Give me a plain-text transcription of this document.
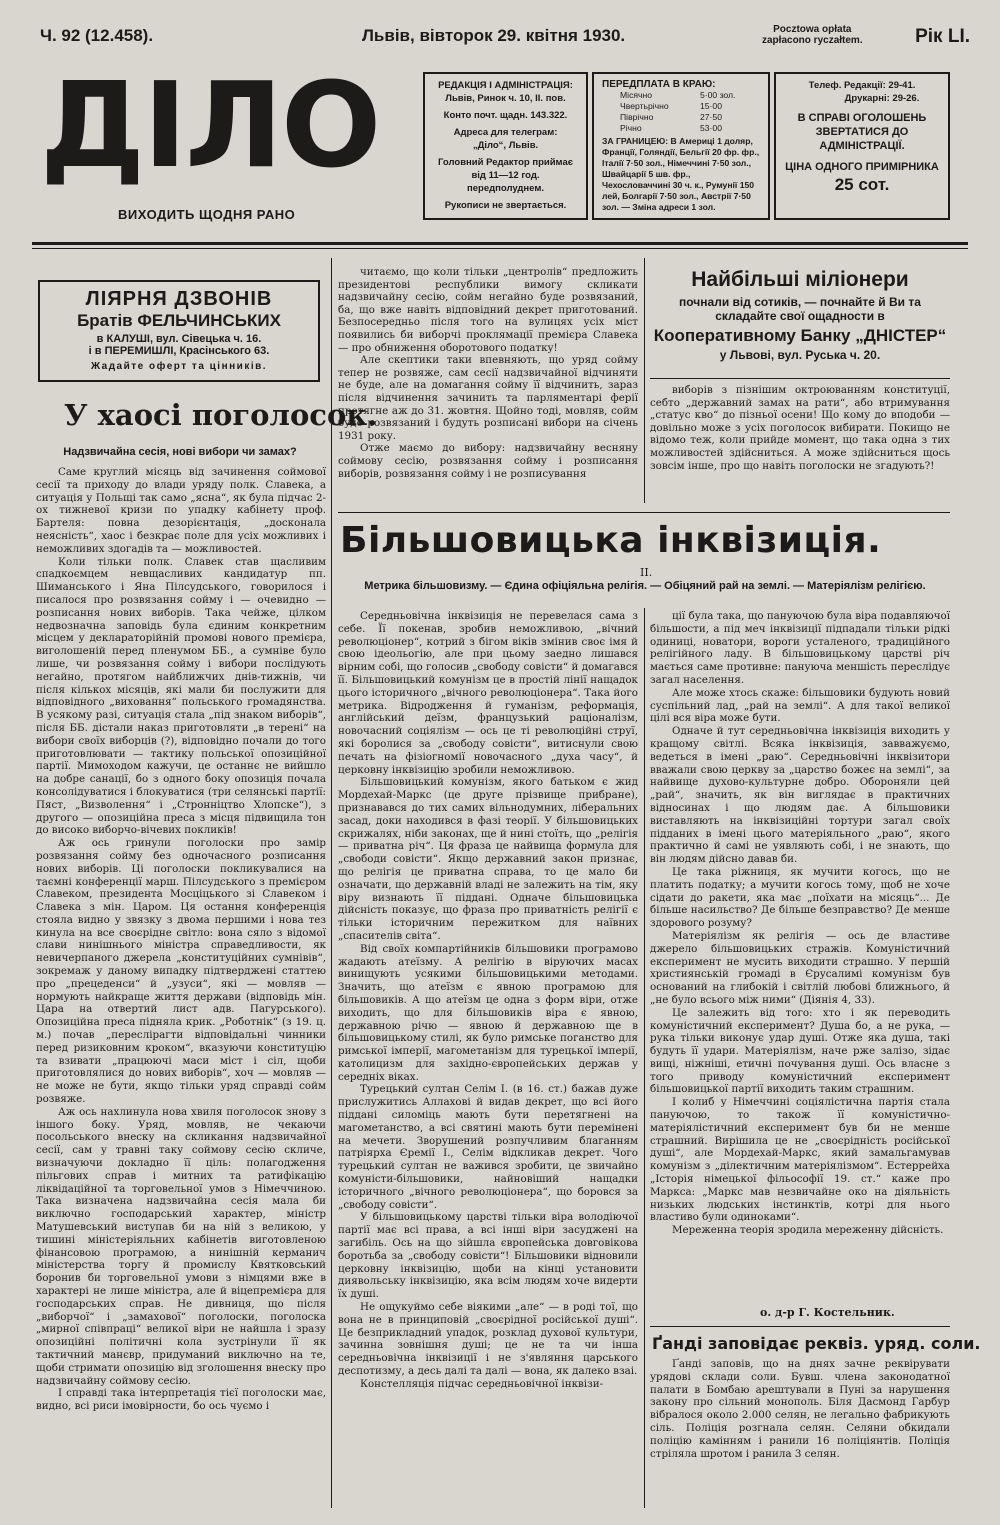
Ч. 92 (12.458).	Львів, вівторок 29. квітня 1930.	Pocztowa opłata
zapłacono ryczałtem.	Рік LI.
ДІЛО
ВИХОДИТЬ ЩОДНЯ РАНО
РЕДАКЦІЯ І АДМІНІСТРАЦІЯ:
Львів, Ринок ч. 10, II. пов.
Конто почт. щадн. 143.322.
Адреса для телеграм:
„Діло“, Львів.
Головний Редактор приймає від 11—12 год. передполуднем.
Рукописи не звертається.
ПЕРЕДПЛАТА В КРАЮ:
Місячно	5·00 зол.
Чвертьрічно	15·00
Піврічно	27·50
Річно	53·00
ЗА ГРАНИЦЕЮ: В Америці 1 доляр, Франції, Голяндії, Бельгії 20 фр. фр., Італії 7·50 зол., Німеччині 7·50 зол., Швайцарії 5 шв. фр., Чехословаччині 30 ч. к., Румунії 150 лей, Болгарії 7·50 зол., Австрії 7·50 зол. — Зміна адреси 1 зол.
Телеф. Редакції: 29-41.
Друкарні: 29-26.
В СПРАВІ ОГОЛОШЕНЬ ЗВЕРТАТИСЯ ДО АДМІНІСТРАЦІЇ.
ЦІНА ОДНОГО ПРИМІРНИКА
25 сот.
ЛІЯРНЯ ДЗВОНІВ
Братів ФЕЛЬЧИНСЬКИХ
в КАЛУШІ, вул. Сівецька ч. 16.
і в ПЕРЕМИШЛІ, Красінського 63.
Жадайте оферт та цінників.
У хаосі поголосок.
Надзвичайна сесія, нові вибори чи замах?

Саме круглий місяць від зачинення соймової сесії та приходу до влади уряду полк. Славека, а ситуація у Польщі так само „ясна“, як була підчас 2-ох тижневої кризи по упадку кабінету проф. Бартеля: повна дезорієнтація, „досконала неясність“, хаос і безкрає поле для усіх можливих і неможливих здогадів та — можливостей.

Коли тільки полк. Славек став щасливим спадкоємцем невщасливих кандидатур пп. Шиманського і Яна Пілсудського, говорилося і писалося про розвязання сойму і — очевидно — розписання нових виборів. Така чейже, цілком недвозначна заповідь була єдиним конкретним місцем у деклараторійній промові нового премієра, виголошеній перед пленумом ББ., а сумніве було лише, чи розвязання сойму і вибори послідують негайно, протягом найближчих днів-тижнів, чи після кількох місяців, які мали би послужити для відповідного „виховання“ польського громадянства. В усякому разі, ситуація стала „під знаком виборів“, після ББ. дістали наказ приготовляти „в терені“ на вибори своїх виборців (?), відповідно почали до того приготовлювати — тактику польської опозиційної партії. Мимоходом кажучи, це останнє не вийшло на добре санації, бо з одного боку опозиція почала консолідуватися і блокуватися (три селянські партії: Пяст, „Визволення“ і „Стронніцтво Хлопске“), з другого — опозиційна преса з місця підвищила тон до високо виборчо-вічевих покликів!

Аж ось гринули поголоски про замір розвязання сойму без одночасного розписання нових виборів. Ці поголоски покликувалися на таємні конференції марш. Пілсудського з премієром Славеком, президента Мосціцького зі Славеком і Славека з мін. Царом. Ця остання конференція стояла видно у звязку з двома першими і нова тез кинула на все своєрідне світло: вона сяло з відомої слави нинішнього міністра справедливости, як невичерпаного джерела „конституційних сумнівів“, зокремаж у даному випадку підтверджені статтею про „прецеденси“ й „узуси“, які — мовляв — нормують найкраще життя держави (відповідь мін. Цара на отвертий лист адв. Пагурського). Опозиційна преса підняла крик. „Роботнік“ (з 19. ц. м.) почав „переслірагти відповідальні чинники перед ризиковним кроком“, вказуючи конституцію та взивати „працюючі маси міст і сіл, щоби приготовлялися до нових виборів“, хоч — мовляв — не може не бути, якщо тільки уряд справді сойм розвяже.

Аж ось нахлинула нова хвиля поголосок знову з іншого боку. Уряд, мовляв, не чекаючи посольського внеску на скликання надзвичайної сесії, сам у травні таку соймову сесію скличе, визначуючи докладно її ціль: полагодження пільгових справ і митних та ратифікацію ліквідаційної та торговельної умов з Німеччиною. Така визначена надзвичайна сесія мала би виключно господарський характер, міністр Матушевський виступав би на ній з великою, у тишині міністеріяльних кабінетів виготовленою фінансовою програмою, а нинішній керманич міністерства торгу й промислу Квятковський боронив би торговельної умови з німцями вже в характері не лише міністра, але й віцепремієра для господарських справ. Не дивниця, що після „виборчої“ і „замахової“ поголоски, поголоска „мирної співпраці“ великої віри не найшла і зразу опозиційні політичні кола зустрінули її як тактичний манєвр, придуманий виключно на те, щоби стримати опозицію від зголошення внеску про надзвичайну соймову сесію.

І справді така інтерпретація тієї поголоски має, видно, всі риси імовірности, бо ось чуємо і

читаємо, що коли тільки „центролів“ предложить президентові республики вимогу скликати надзвичайну сесію, сойм негайно буде розвязаний, ба, що вже навіть відповідний декрет приготований. Безпосередньо після того на вулицях усіх міст появились би виборчі проклямації премієра Славека — про обниження оборотового податку!

Але скептики таки впевняють, що уряд сойму тепер не розвяже, сам сесії надзвичайної відчиняти не буде, але на домагання сойму її відчинить, зараз після відчинення зачинить та парляментарі ферії протягне аж до 31. жовтня. Щойно тоді, мовляв, сойм буде розвязаний і будуть розписані вибори на січень 1931 року.

Отже маємо до вибору: надзвичайну весняну соймову сесію, розвязання сойму і розписання виборів, розвязання сойму і не розписування

Найбільші міліонери
почнали від сотиків, — почнайте й Ви та
складайте свої ощадности в
Кооперативному Банку „ДНІСТЕР“
у Львові, вул. Руська ч. 20.

виборів з пізнішим октроюванням конституції, себто „державний замах на рати“, або втримування „статус кво“ до пізньої осени! Що кому до вподоби — довільно може з усіх поголосок вибирати. Покищо не відомо теж, коли прийде момент, що така одна з тих можливостей здійсниться. А може здійсниться щось зовсім інше, про що навіть поголоски не згадують?!

Більшовицька інквізиція.
II.
Метрика більшовизму. — Єдина офіціяльна релігія. — Обіцяний рай на землі. — Матеріялізм релігією.

Середньовічна інквізиція не перевелася сама з себе. Її покенав, зробив неможливою, „вічний революціонер“, котрий з бігом віків змінив своє імя й свою ідеольогію, але при цьому заедно лишався вірним собі, що голосив „свободу совісти“ й домагався її. Більшовицький комунізм це в простій лінії нащадок цього історичного „вічного революціонера“. Така його метрика. Відродження й гуманізм, реформація, англійський деїзм, французький раціоналізм, новочасний соціялізм — ось це ті революційні струї, які боролися за „свободу совісти“, витиснули свою печать на фізіогномії новочасного „духа часу“, й церковну інквізицію зробили неможливою.

Більшовицький комунізм, якого батьком є жид Мордехай-Маркс (це друге прізвище прибране), признавався до тих самих вільнодумних, ліберальних засад, доки находився в фазі теорії. У більшовицьких скрижалях, ніби законах, ще й нині стоїть, що „релігія — приватна річ“. Ця фраза це найвища формула для „свободи совісти“. Якщо державний закон признає, що релігія це приватна справа, то це мало би означати, що державній владі не залежить на тім, яку віру визнають її піддані. Одначе більшовицька дійсність показує, що фраза про приватність релігії є тільки історичним пережитком для наївних „спасителів світа“.

Від своїх компартійників більшовики програмово жадають атеїзму. А релігію в віруючих масах винищують усякими більшовицькими методами. Значить, що атеїзм є явною програмою для більшовиків. А що атеїзм це одна з форм віри, отже виходить, що для більшовиків віра є явною, державною річю — явною й державною ще в більшовицькому стилі, як було римське поганство для римської імперії, магометанізм для турецької імперії, католицизм для західно-європейських держав у середніх віках.

Турецький султан Селім І. (в 16. ст.) бажав дуже прислужитись Аллахові й видав декрет, що всі його піддані силоміць мають бути перетягнені на магометанство, а всі святині мають бути перемінені на мечети. Зворушений розпучливим благанням патріярха Єремії І., Селім відкликав декрет. Чого турецький султан не важився зробити, це звичайно комуністи-більшовики, найновіший нащадки історичного „вічного революціонера“, що боровся за „свободу совісти“.

У більшовицькому царстві тільки віра володіючої партії має всі права, а всі інші віри засуджені на загибіль. Ось на що зійшла європейська довговікова боротьба за „свободу совісти“! Більшовики відновили церковну інквізицію, щоби на кінці установити диявольську інквізицію, яка всім людям хоче видерти їх душі.

Не ощукуймо себе віякими „але“ — в роді тої, що вона не в принциповій „своєрідної російської душі“. Це безприкладний упадок, розклад духової культури, зачинна зовнішня душі; це не та чи інша середньовічна інквізиції і не з'являння царського деспотизму, а десь далі та далі — вона, як далеко взаі.

Констелляція підчас середньовічної інквізи-

ції була така, що пануючою була віра подавляючої більшости, а під меч інквізиції підпадали тільки рідкі одиниці, новатори, вороги усталеного, традиційного релігійного ладу. В більшовицькому царстві річ мається саме противне: пануюча меншість переслідує загал населення.

Але може хтось скаже: більшовики будують новий суспільний лад, „рай на землі“. А для такої великої цілі вся віра може бути.

Одначе й тут середньовічна інквізиція виходить у кращому світлі. Всяка інквізиція, завважуємо, ведеться в імені „раю“. Середньовічні інквізитори вважали свою церкву за „царство божеє на землі“, за найвище духово-культурне добро. Обороняли цей „рай“, значить, як він виглядає в практичних відносинах і що людям дає. А більшовики виставляють на інквізиційні тортури загал своїх підданих в імені цього матеріяльного „раю“, якого практично й самі не уявляють собі, і не знають, що він людям дійсно давав би.

Це така ріжниця, як мучити когось, що не платить податку; а мучити когось тому, щоб не хоче сідати до ракети, яка має „поїхати на місяць“... Де більше насильство? Де більше безправство? Де менше здорового розуму?

Матеріялізм як релігія — ось де властиве джерело більшовицьких стражів. Комуністичний експеримент не мусить виходити страшно. У першій християнській громаді в Єрусалимі комунізм був оснований на глибокій і світлій любові ближнього, й „не було всього між ними“ (Діянія 4, 33).

Це залежить від того: хто і як переводить комуністичний експеримент? Душа бо, а не рука, — рука тільки виконує удар душі. Отже яка душа, такі будуть її удари. Матеріялізм, наче рже залізо, зідає вищі, ніжніші, етичні почування душі. Ось власне з того приводу комуністичний експеримент більшовицької партії виходить таким страшним.

І колиб у Німеччині соціялістична партія стала пануючою, то також її комуністично-матеріялістичний експеримент був би не менше страшний. Вирішила це не „своєрідність російської душі“, але Мордехай-Маркс, який замальгамував комунізм з „ділектичним матеріялізмом“. Естеррейха „Історія німецької фільософії 19. ст.“ каже про Маркса: „Маркс мав незвичайне око на діяльність низьких людських інстинктів, котрі для нього властиво були одиноками“.

Мереженна теорія зродила мереженну дійсність.

о. д-р Г. Костельник.
Ґанді заповідає реквіз. уряд. соли.

Ґанді заповів, що на днях зачне реквірувати урядові склади соли. Бувш. члена законодатної палати в Бомбаю арештували в Пуні за нарушення закону про сільний монополь. Біля Дасмонд Гарбур вібралося около 2.000 селян, не легально фабрикують сіль. Поліція розгнала селян. Селяни обкидали поліцію камінням і ранили 16 поліціянтів. Поліція стріляла шротом і ранила 3 селян.
